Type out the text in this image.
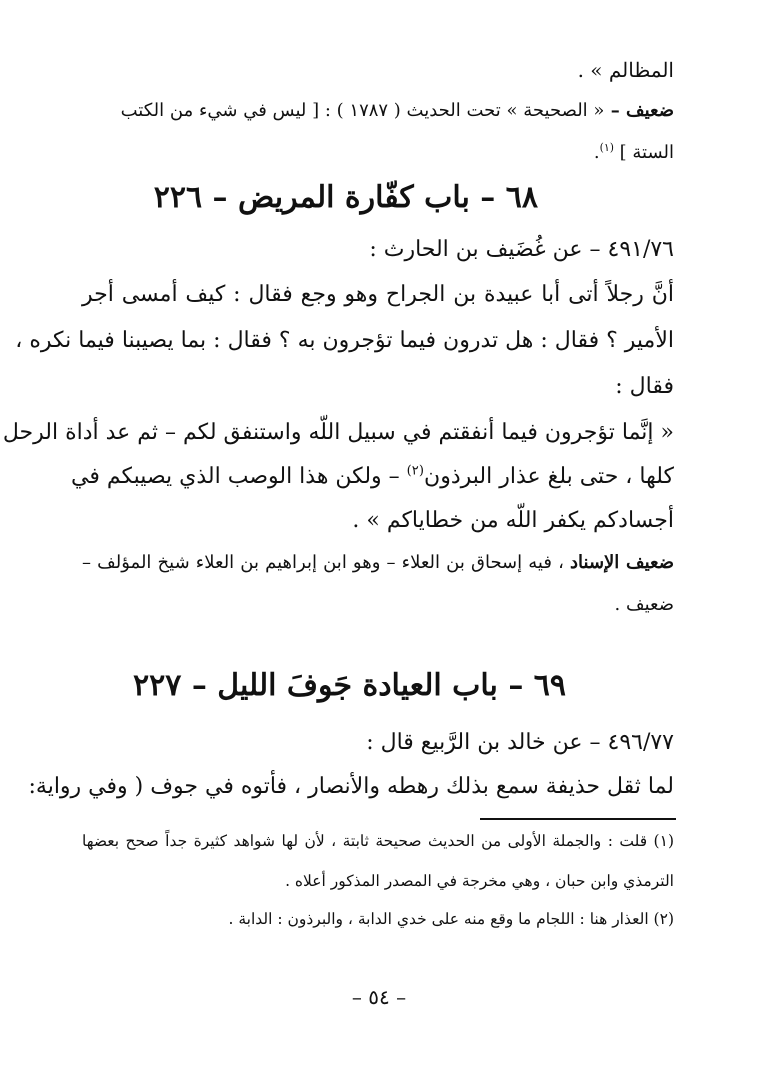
المظالم » .
ضعيف – « الصحيحة » تحت الحديث ( ١٧٨٧ ) : [ ليس في شيء من الكتب
الستة ] $^{(١)}$.
٦٨ – باب كفّارة المريض – ٢٢٦
٤٩١/٧٦ – عن غُضَيف بن الحارث :
أنَّ رجلاً أتى أبا عبيدة بن الجراح وهو وجع فقال : كيف أمسى أجر
الأمير ؟ فقال : هل تدرون فيما تؤجرون به ؟ فقال : بما يصيبنا فيما نكره ،
فقال :
« إنَّما تؤجرون فيما أنفقتم في سبيل اللّه واستنفق لكم – ثم عد أداة الرحل
كلها ، حتى بلغ عذار البرذون$^{(٢)}$ – ولكن هذا الوصب الذي يصيبكم في
أجسادكم يكفر اللّه من خطاياكم » .
ضعيف الإسناد ، فيه إسحاق بن العلاء – وهو ابن إبراهيم بن العلاء شيخ المؤلف –
ضعيف .
٦٩ – باب العيادة جَوفَ الليل – ٢٢٧
٤٩٦/٧٧ – عن خالد بن الرَّبيع قال :
لما ثقل حذيفة سمع بذلك رهطه والأنصار ، فأتوه في جوف ( وفي رواية:
(١) قلت : والجملة الأولى من الحديث صحيحة ثابتة ، لأن لها شواهد كثيرة جداً صحح بعضها
الترمذي وابن حبان ، وهي مخرجة في المصدر المذكور أعلاه .
(٢) العذار هنا : اللجام ما وقع منه على خدي الدابة ، والبرذون : الدابة .
– ٥٤ –
